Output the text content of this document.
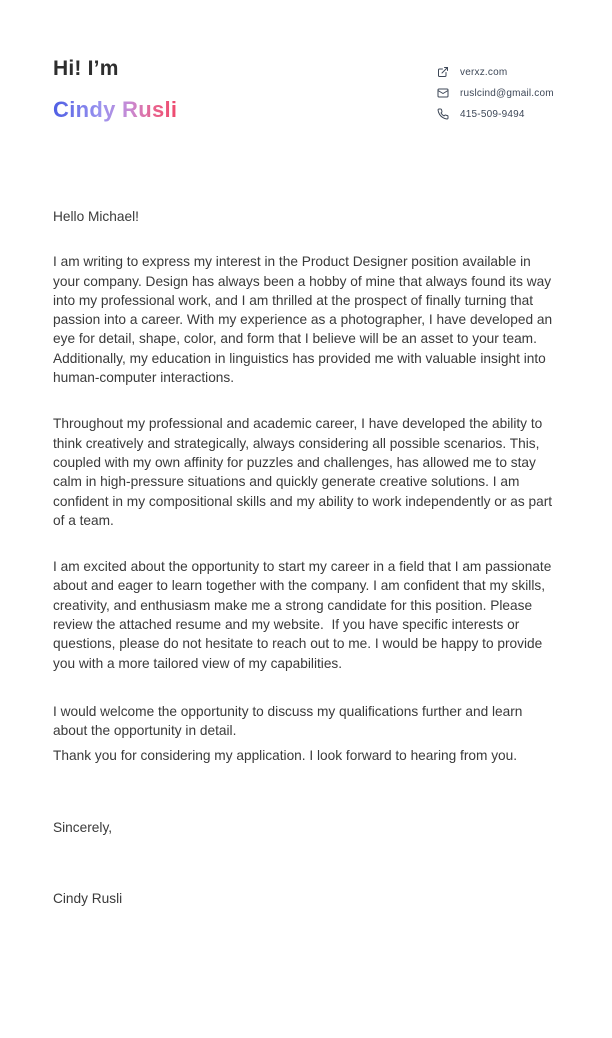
Hi! I’m
Cindy Rusli
verxz.com
ruslcind@gmail.com
415-509-9494

Hello Michael!

I am writing to express my interest in the Product Designer position available in your company. Design has always been a hobby of mine that always found its way into my professional work, and I am thrilled at the prospect of finally turning that passion into a career. With my experience as a photographer, I have developed an eye for detail, shape, color, and form that I believe will be an asset to your team. Additionally, my education in linguistics has provided me with valuable insight into human-computer interactions.

Throughout my professional and academic career, I have developed the ability to think creatively and strategically, always considering all possible scenarios. This, coupled with my own affinity for puzzles and challenges, has allowed me to stay calm in high-pressure situations and quickly generate creative solutions. I am confident in my compositional skills and my ability to work independently or as part of a team.

I am excited about the opportunity to start my career in a field that I am passionate about and eager to learn together with the company. I am confident that my skills, creativity, and enthusiasm make me a strong candidate for this position. Please review the attached resume and my website.  If you have specific interests or questions, please do not hesitate to reach out to me. I would be happy to provide you with a more tailored view of my capabilities.

I would welcome the opportunity to discuss my qualifications further and learn  about the opportunity in detail.

Thank you for considering my application. I look forward to hearing from you.

Sincerely,

Cindy Rusli
